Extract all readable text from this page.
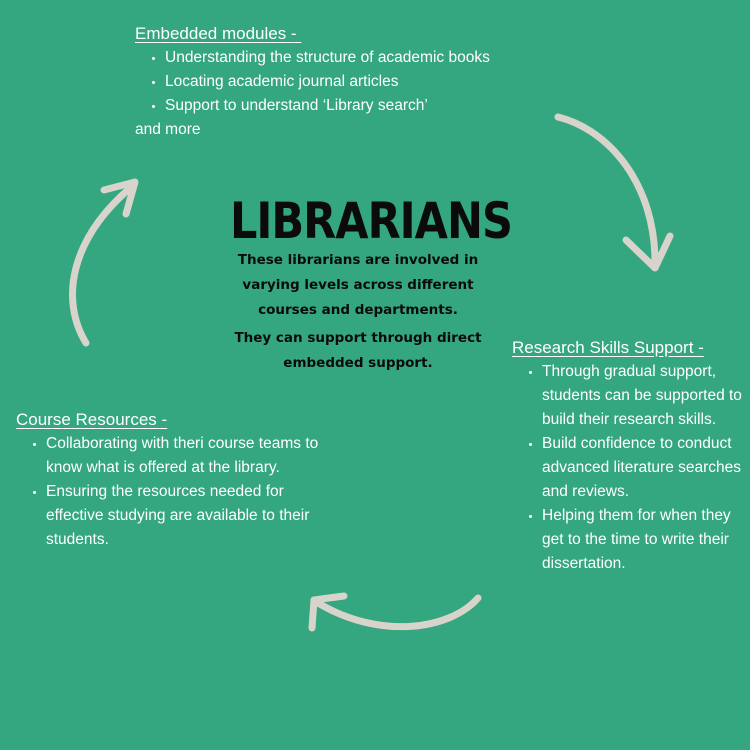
Embedded modules -
• Understanding the structure of academic books
• Locating academic journal articles
• Support to understand ‘Library search’
and more
LIBRARIANS
These librarians are involved in
varying levels across different
courses and departments.
They can support through direct
embedded support.
Research Skills Support -
• Through gradual support, students can be supported to build their research skills.
• Build confidence to conduct advanced literature searches and reviews.
• Helping them for when they get to the time to write their dissertation.
Course Resources -
• Collaborating with theri course teams to know what is offered at the library.
• Ensuring the resources needed for effective studying are available to their students.
